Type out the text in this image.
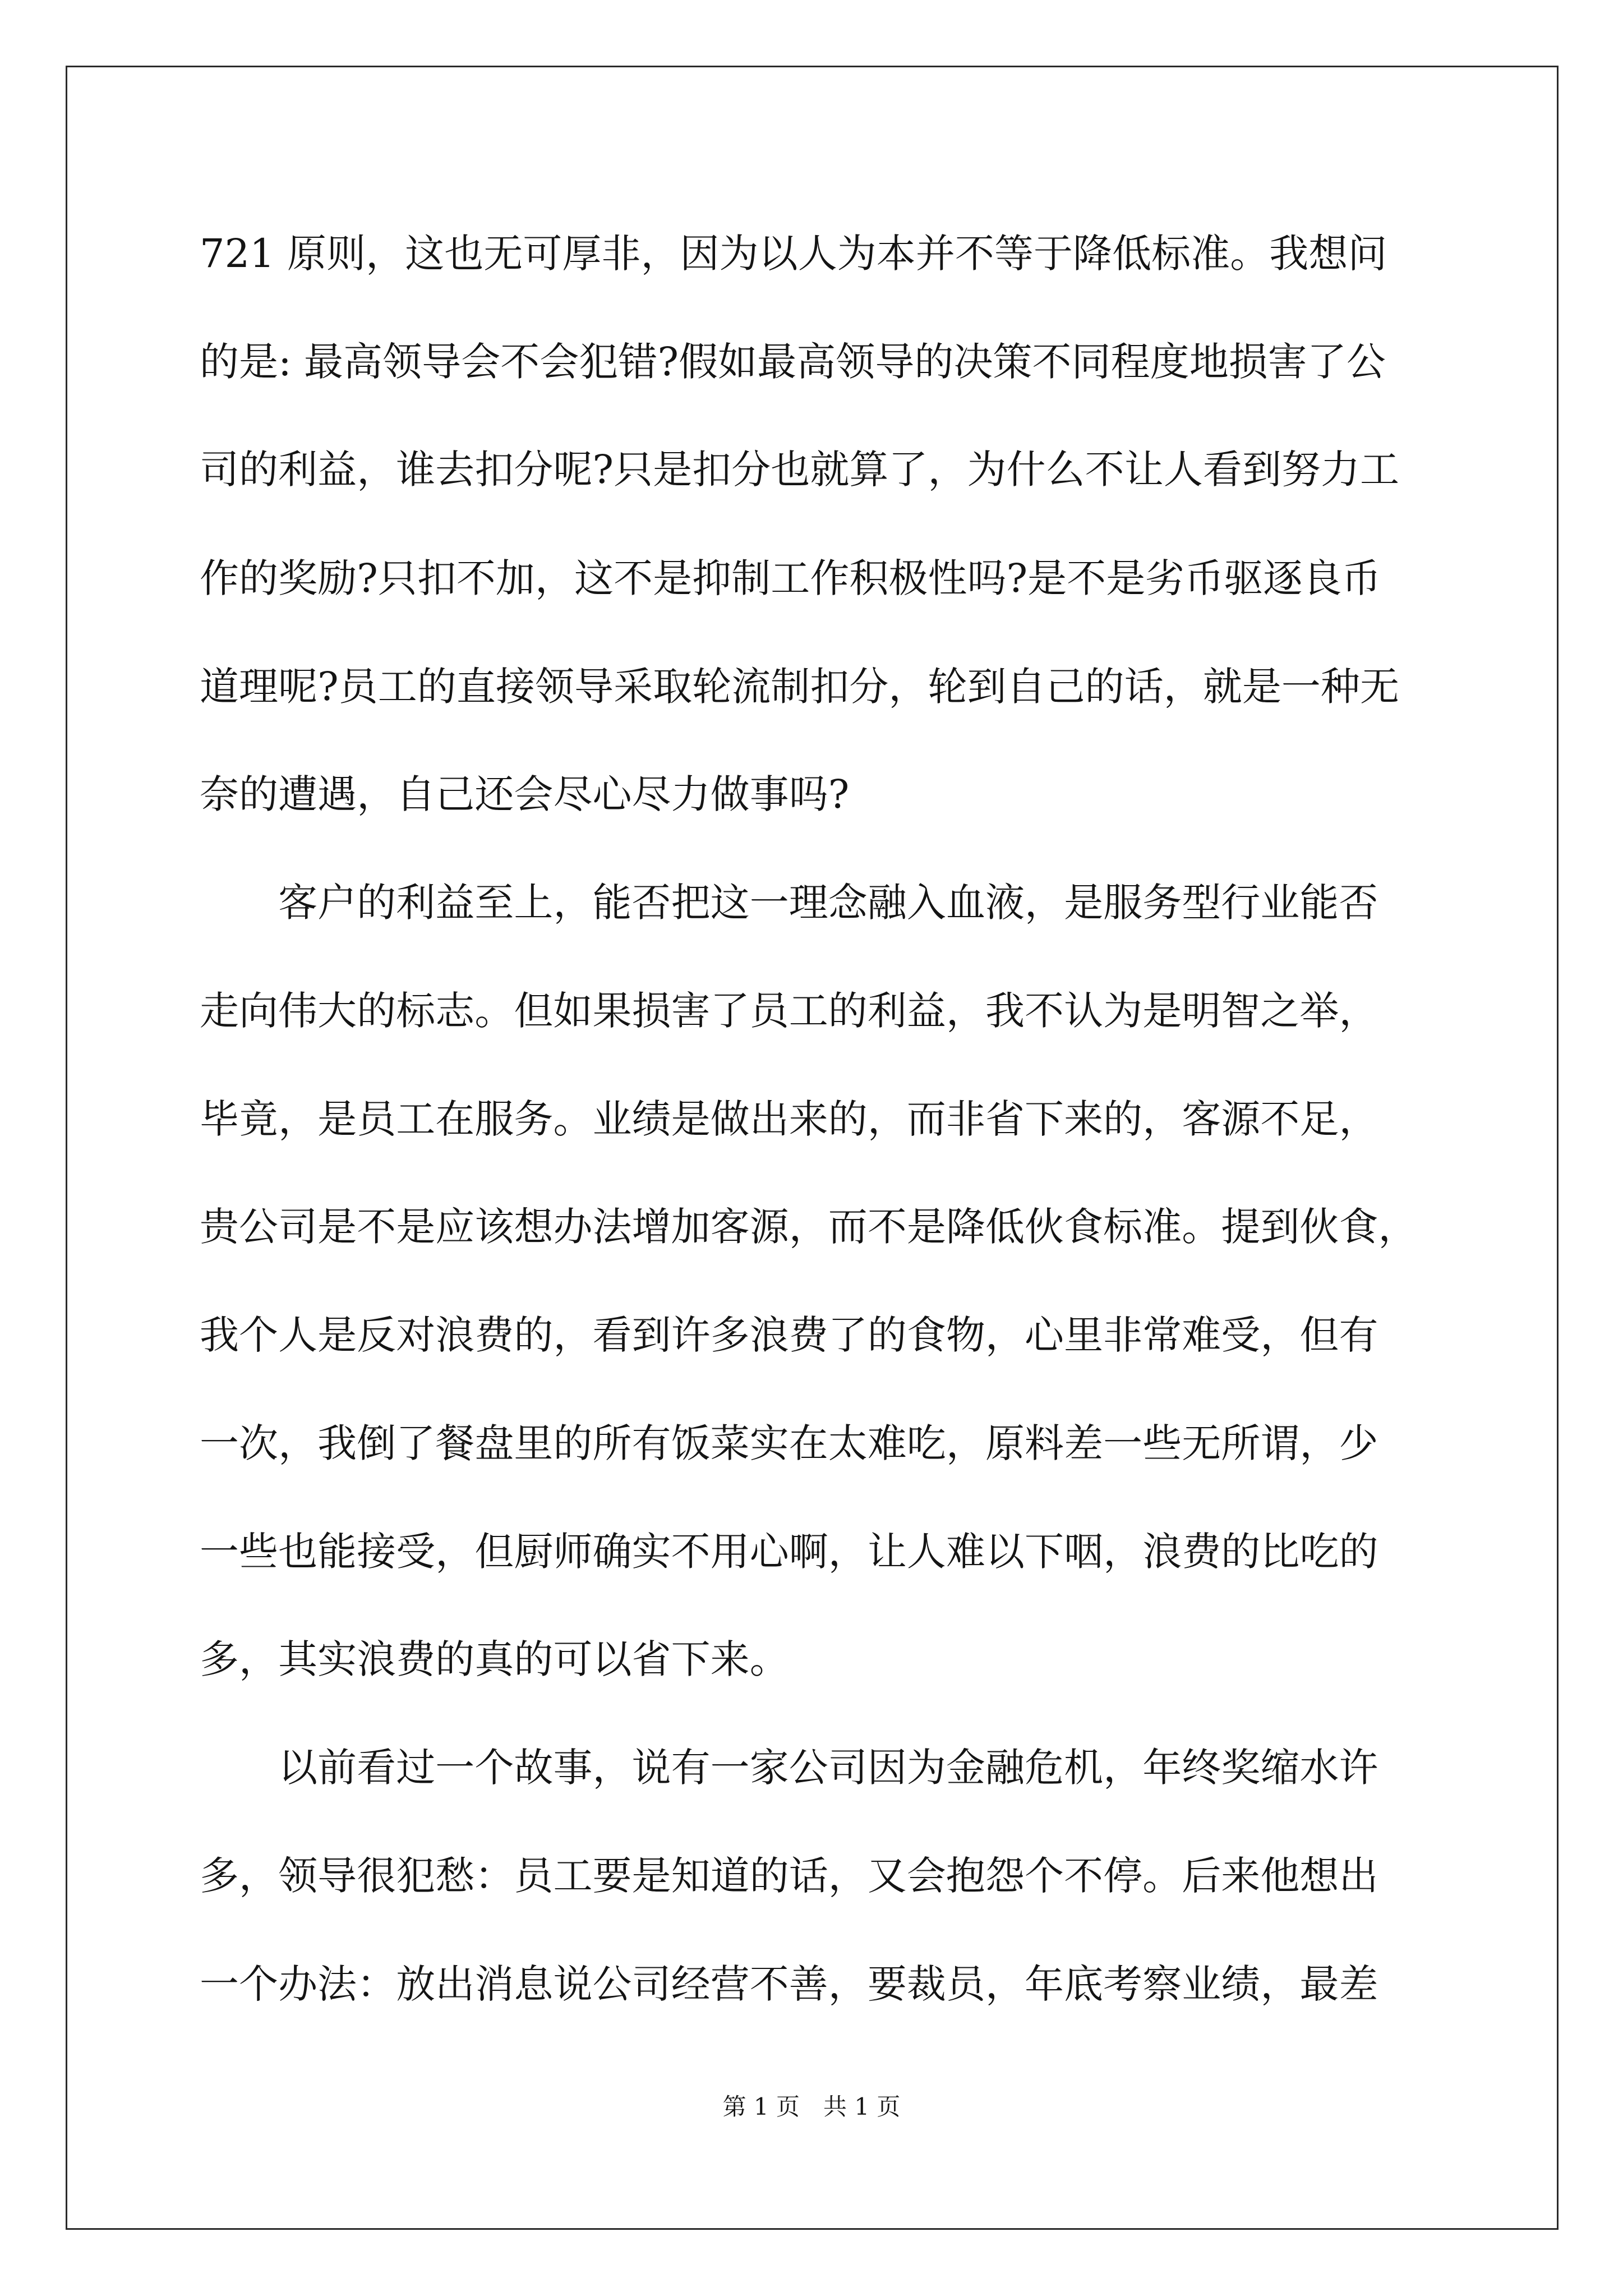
721 原则，这也无可厚非，因为以人为本并不等于降低标准。我想问
的是: 最高领导会不会犯错?假如最高领导的决策不同程度地损害了公
司的利益，谁去扣分呢?只是扣分也就算了，为什么不让人看到努力工
作的奖励?只扣不加，这不是抑制工作积极性吗?是不是劣币驱逐良币
道理呢?员工的直接领导采取轮流制扣分，轮到自己的话，就是一种无
奈的遭遇，自己还会尽心尽力做事吗?
　　客户的利益至上，能否把这一理念融入血液，是服务型行业能否
走向伟大的标志。但如果损害了员工的利益，我不认为是明智之举，
毕竟，是员工在服务。业绩是做出来的，而非省下来的，客源不足，
贵公司是不是应该想办法增加客源，而不是降低伙食标准。提到伙食，
我个人是反对浪费的，看到许多浪费了的食物，心里非常难受，但有
一次，我倒了餐盘里的所有饭菜实在太难吃，原料差一些无所谓，少
一些也能接受，但厨师确实不用心啊，让人难以下咽，浪费的比吃的
多，其实浪费的真的可以省下来。
　　以前看过一个故事，说有一家公司因为金融危机，年终奖缩水许
多，领导很犯愁：员工要是知道的话，又会抱怨个不停。后来他想出
一个办法：放出消息说公司经营不善，要裁员，年底考察业绩，最差
第 1 页　共 1 页
